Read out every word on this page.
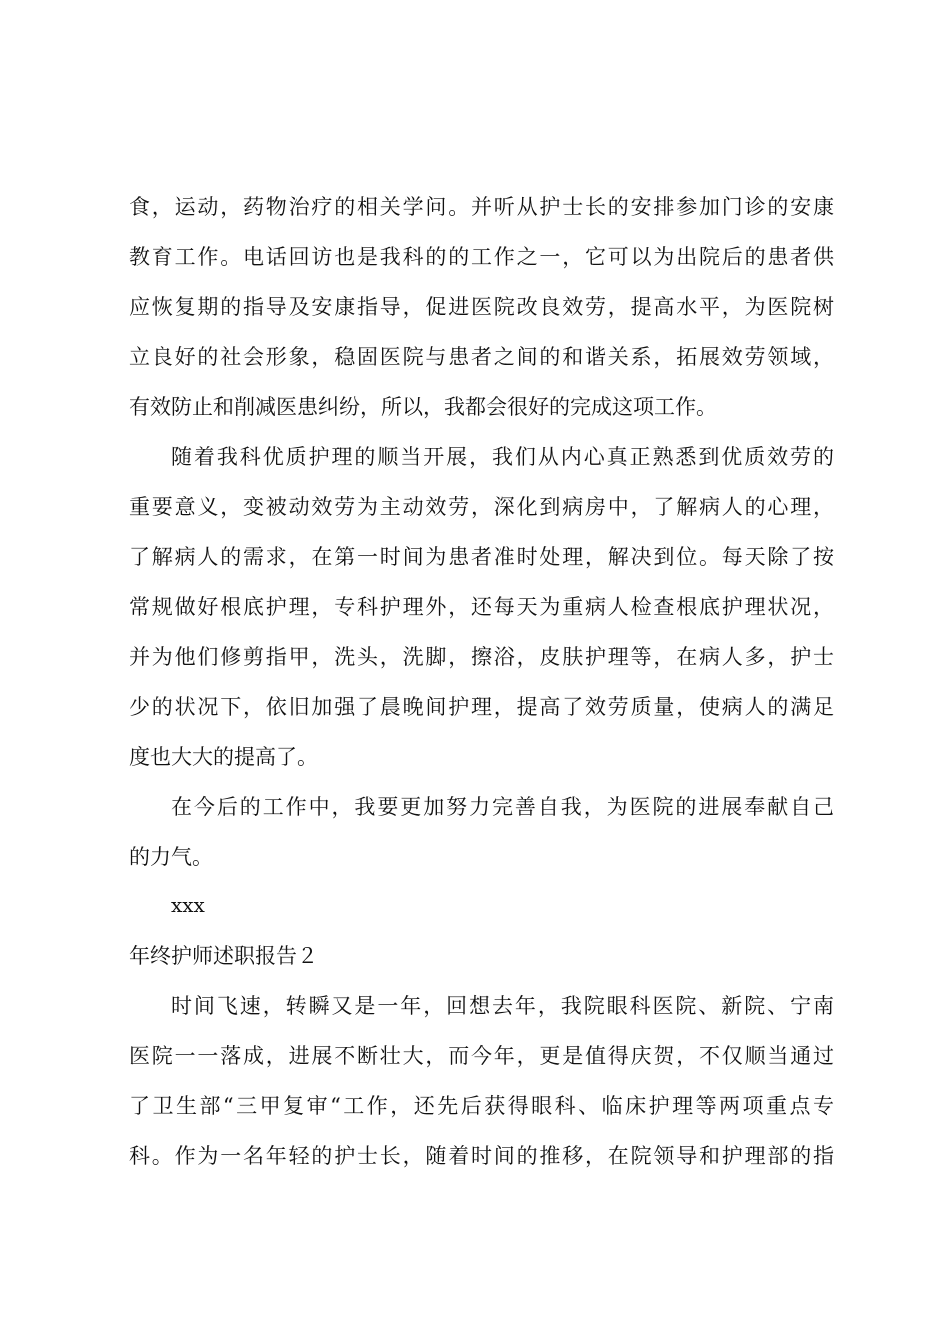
食，运动，药物治疗的相关学问。并听从护士长的安排参加门诊的安康
教育工作。电话回访也是我科的的工作之一，它可以为出院后的患者供
应恢复期的指导及安康指导，促进医院改良效劳，提高水平，为医院树
立良好的社会形象，稳固医院与患者之间的和谐关系，拓展效劳领域，
有效防止和削减医患纠纷，所以，我都会很好的完成这项工作。
随着我科优质护理的顺当开展，我们从内心真正熟悉到优质效劳的
重要意义，变被动效劳为主动效劳，深化到病房中，了解病人的心理，
了解病人的需求，在第一时间为患者准时处理，解决到位。每天除了按
常规做好根底护理，专科护理外，还每天为重病人检查根底护理状况，
并为他们修剪指甲，洗头，洗脚，擦浴，皮肤护理等，在病人多，护士
少的状况下，依旧加强了晨晚间护理，提高了效劳质量，使病人的满足
度也大大的提高了。
在今后的工作中，我要更加努力完善自我，为医院的进展奉献自己
的力气。
xxx
年终护师述职报告２
时间飞速，转瞬又是一年，回想去年，我院眼科医院、新院、宁南
医院一一落成，进展不断壮大，而今年，更是值得庆贺，不仅顺当通过
了卫生部“三甲复审“工作，还先后获得眼科、临床护理等两项重点专
科。作为一名年轻的护士长，随着时间的推移，在院领导和护理部的指
